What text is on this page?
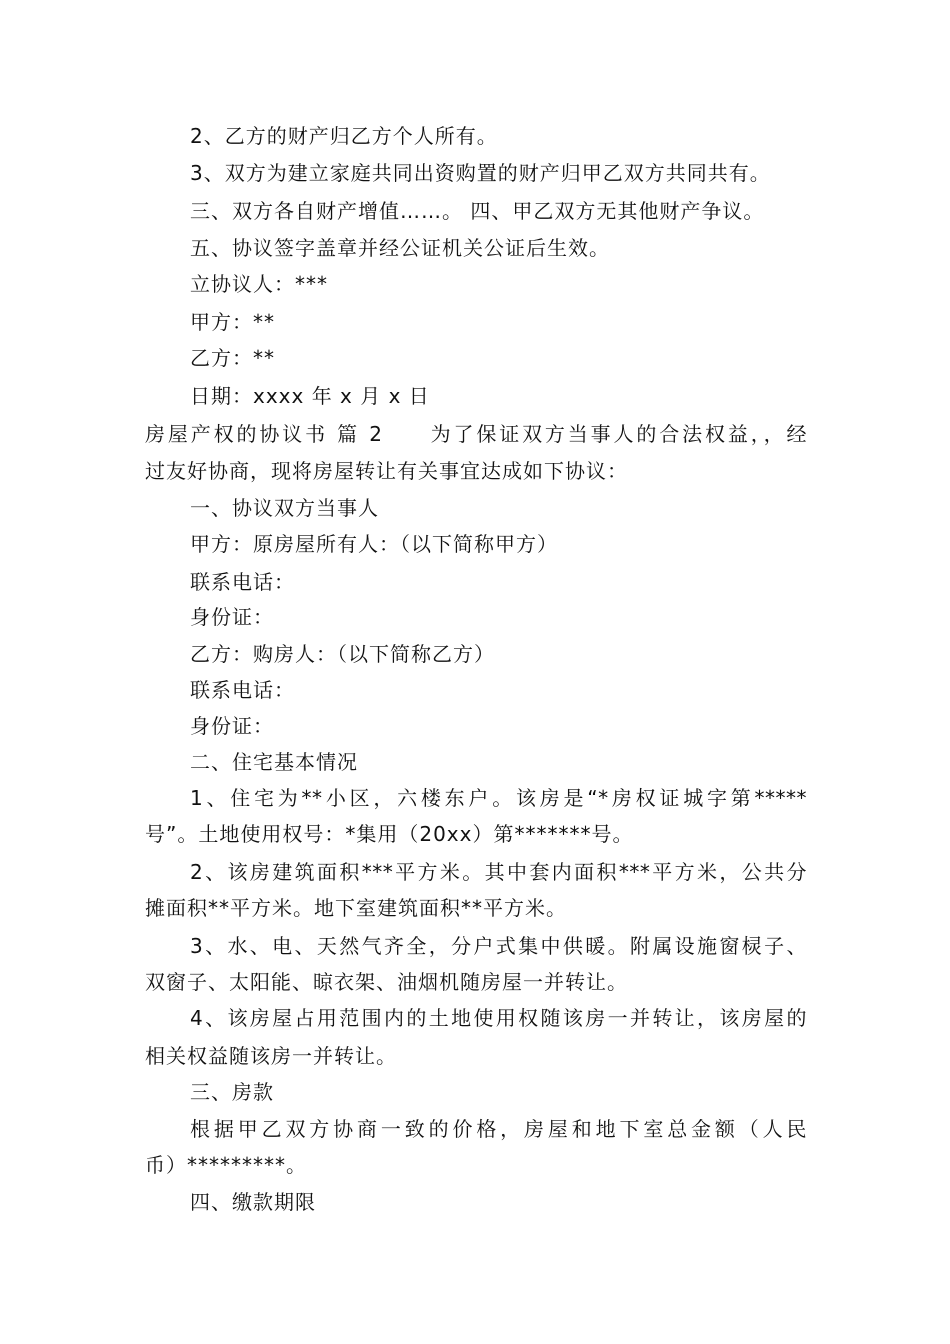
2、乙方的财产归乙方个人所有。
3、双方为建立家庭共同出资购置的财产归甲乙双方共同共有。
三、双方各自财产增值……。 四、甲乙双方无其他财产争议。
五、协议签字盖章并经公证机关公证后生效。
立协议人：***
甲方：**
乙方：**
日期：xxxx 年 x 月 x 日
房屋产权的协议书 篇 2　　为了保证双方当事人的合法权益，，经
过友好协商，现将房屋转让有关事宜达成如下协议：
一、协议双方当事人
甲方：原房屋所有人：（以下简称甲方）
联系电话：
身份证：
乙方：购房人：（以下简称乙方）
联系电话：
身份证：
二、住宅基本情况
1、住宅为**小区，六楼东户。该房是“*房权证城字第*****
号”。土地使用权号：*集用（20xx）第*******号。
2、该房建筑面积***平方米。其中套内面积***平方米，公共分
摊面积**平方米。地下室建筑面积**平方米。
3、水、电、天然气齐全，分户式集中供暖。附属设施窗棂子、
双窗子、太阳能、晾衣架、油烟机随房屋一并转让。
4、该房屋占用范围内的土地使用权随该房一并转让，该房屋的
相关权益随该房一并转让。
三、房款
根据甲乙双方协商一致的价格，房屋和地下室总金额（人民
币）*********。
四、缴款期限
